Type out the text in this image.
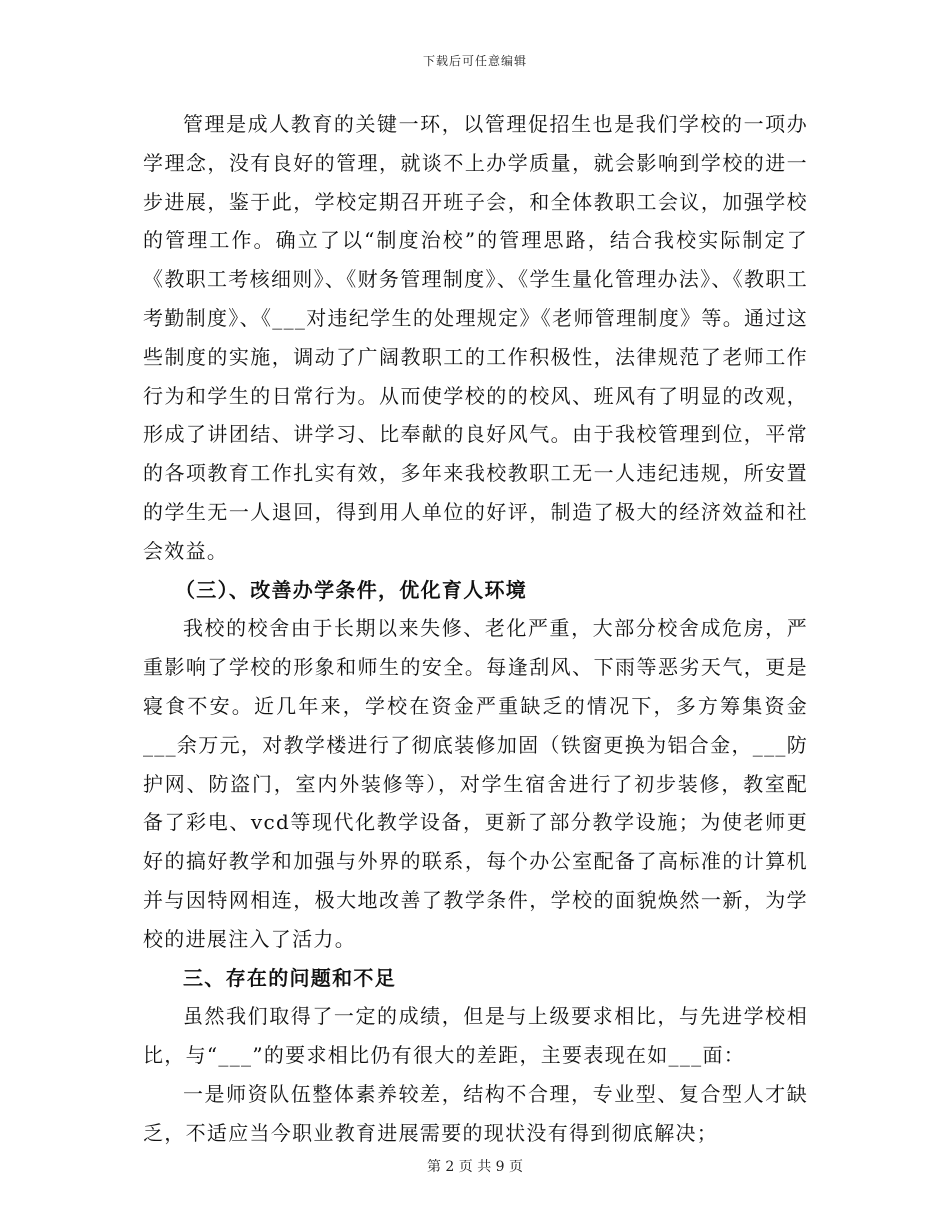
下载后可任意编辑

管理是成人教育的关键一环，以管理促招生也是我们学校的一项办学理念，没有良好的管理，就谈不上办学质量，就会影响到学校的进一步进展，鉴于此，学校定期召开班子会，和全体教职工会议，加强学校的管理工作。确立了以“制度治校”的管理思路，结合我校实际制定了《教职工考核细则》、《财务管理制度》、《学生量化管理办法》、《教职工考勤制度》、《___对违纪学生的处理规定》《老师管理制度》等。通过这些制度的实施，调动了广阔教职工的工作积极性，法律规范了老师工作行为和学生的日常行为。从而使学校的的校风、班风有了明显的改观，形成了讲团结、讲学习、比奉献的良好风气。由于我校管理到位，平常的各项教育工作扎实有效，多年来我校教职工无一人违纪违规，所安置的学生无一人退回，得到用人单位的好评，制造了极大的经济效益和社会效益。

（三）、改善办学条件，优化育人环境

我校的校舍由于长期以来失修、老化严重，大部分校舍成危房，严重影响了学校的形象和师生的安全。每逢刮风、下雨等恶劣天气，更是寝食不安。近几年来，学校在资金严重缺乏的情况下，多方筹集资金___余万元，对教学楼进行了彻底装修加固（铁窗更换为铝合金，___防护网、防盗门，室内外装修等），对学生宿舍进行了初步装修，教室配备了彩电、vcd等现代化教学设备，更新了部分教学设施；为使老师更好的搞好教学和加强与外界的联系，每个办公室配备了高标准的计算机并与因特网相连，极大地改善了教学条件，学校的面貌焕然一新，为学校的进展注入了活力。

三、存在的问题和不足

虽然我们取得了一定的成绩，但是与上级要求相比，与先进学校相比，与“___”的要求相比仍有很大的差距，主要表现在如___面：

一是师资队伍整体素养较差，结构不合理，专业型、复合型人才缺乏，不适应当今职业教育进展需要的现状没有得到彻底解决；

第 2 页 共 9 页
